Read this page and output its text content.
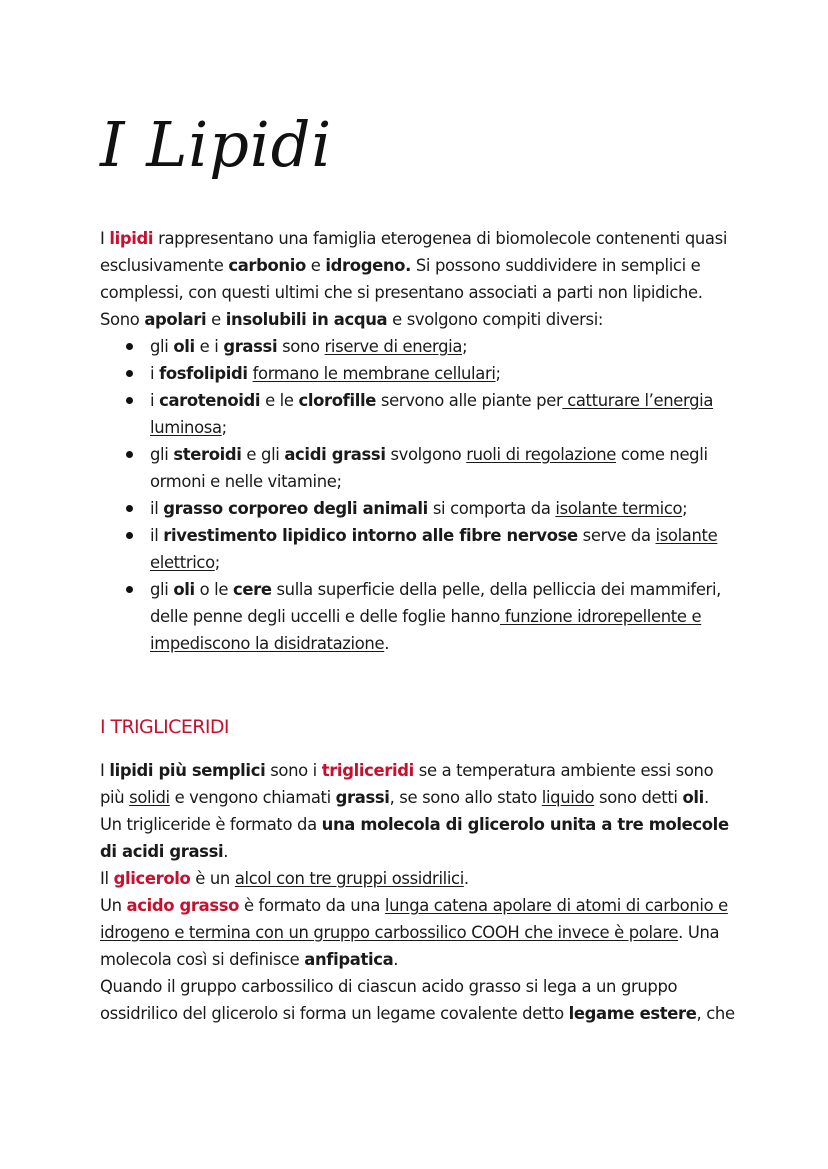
I Lipidi

I lipidi rappresentano una famiglia eterogenea di biomolecole contenenti quasi esclusivamente carbonio e idrogeno. Si possono suddividere in semplici e complessi, con questi ultimi che si presentano associati a parti non lipidiche.
Sono apolari e insolubili in acqua e svolgono compiti diversi:

gli oli e i grassi sono riserve di energia;
i fosfolipidi formano le membrane cellulari;
i carotenoidi e le clorofille servono alle piante per catturare l’energia luminosa;
gli steroidi e gli acidi grassi svolgono ruoli di regolazione come negli ormoni e nelle vitamine;
il grasso corporeo degli animali si comporta da isolante termico;
il rivestimento lipidico intorno alle fibre nervose serve da isolante elettrico;
gli oli o le cere sulla superficie della pelle, della pelliccia dei mammiferi, delle penne degli uccelli e delle foglie hanno funzione idrorepellente e impediscono la disidratazione.
I TRIGLICERIDI

I lipidi più semplici sono i trigliceridi se a temperatura ambiente essi sono più solidi e vengono chiamati grassi, se sono allo stato liquido sono detti oli.

Un trigliceride è formato da una molecola di glicerolo unita a tre molecole di acidi grassi.

Il glicerolo è un alcol con tre gruppi ossidrilici.

Un acido grasso è formato da una lunga catena apolare di atomi di carbonio e idrogeno e termina con un gruppo carbossilico COOH che invece è polare. Una molecola così si definisce anfipatica.

Quando il gruppo carbossilico di ciascun acido grasso si lega a un gruppo ossidrilico del glicerolo si forma un legame covalente detto legame estere, che
